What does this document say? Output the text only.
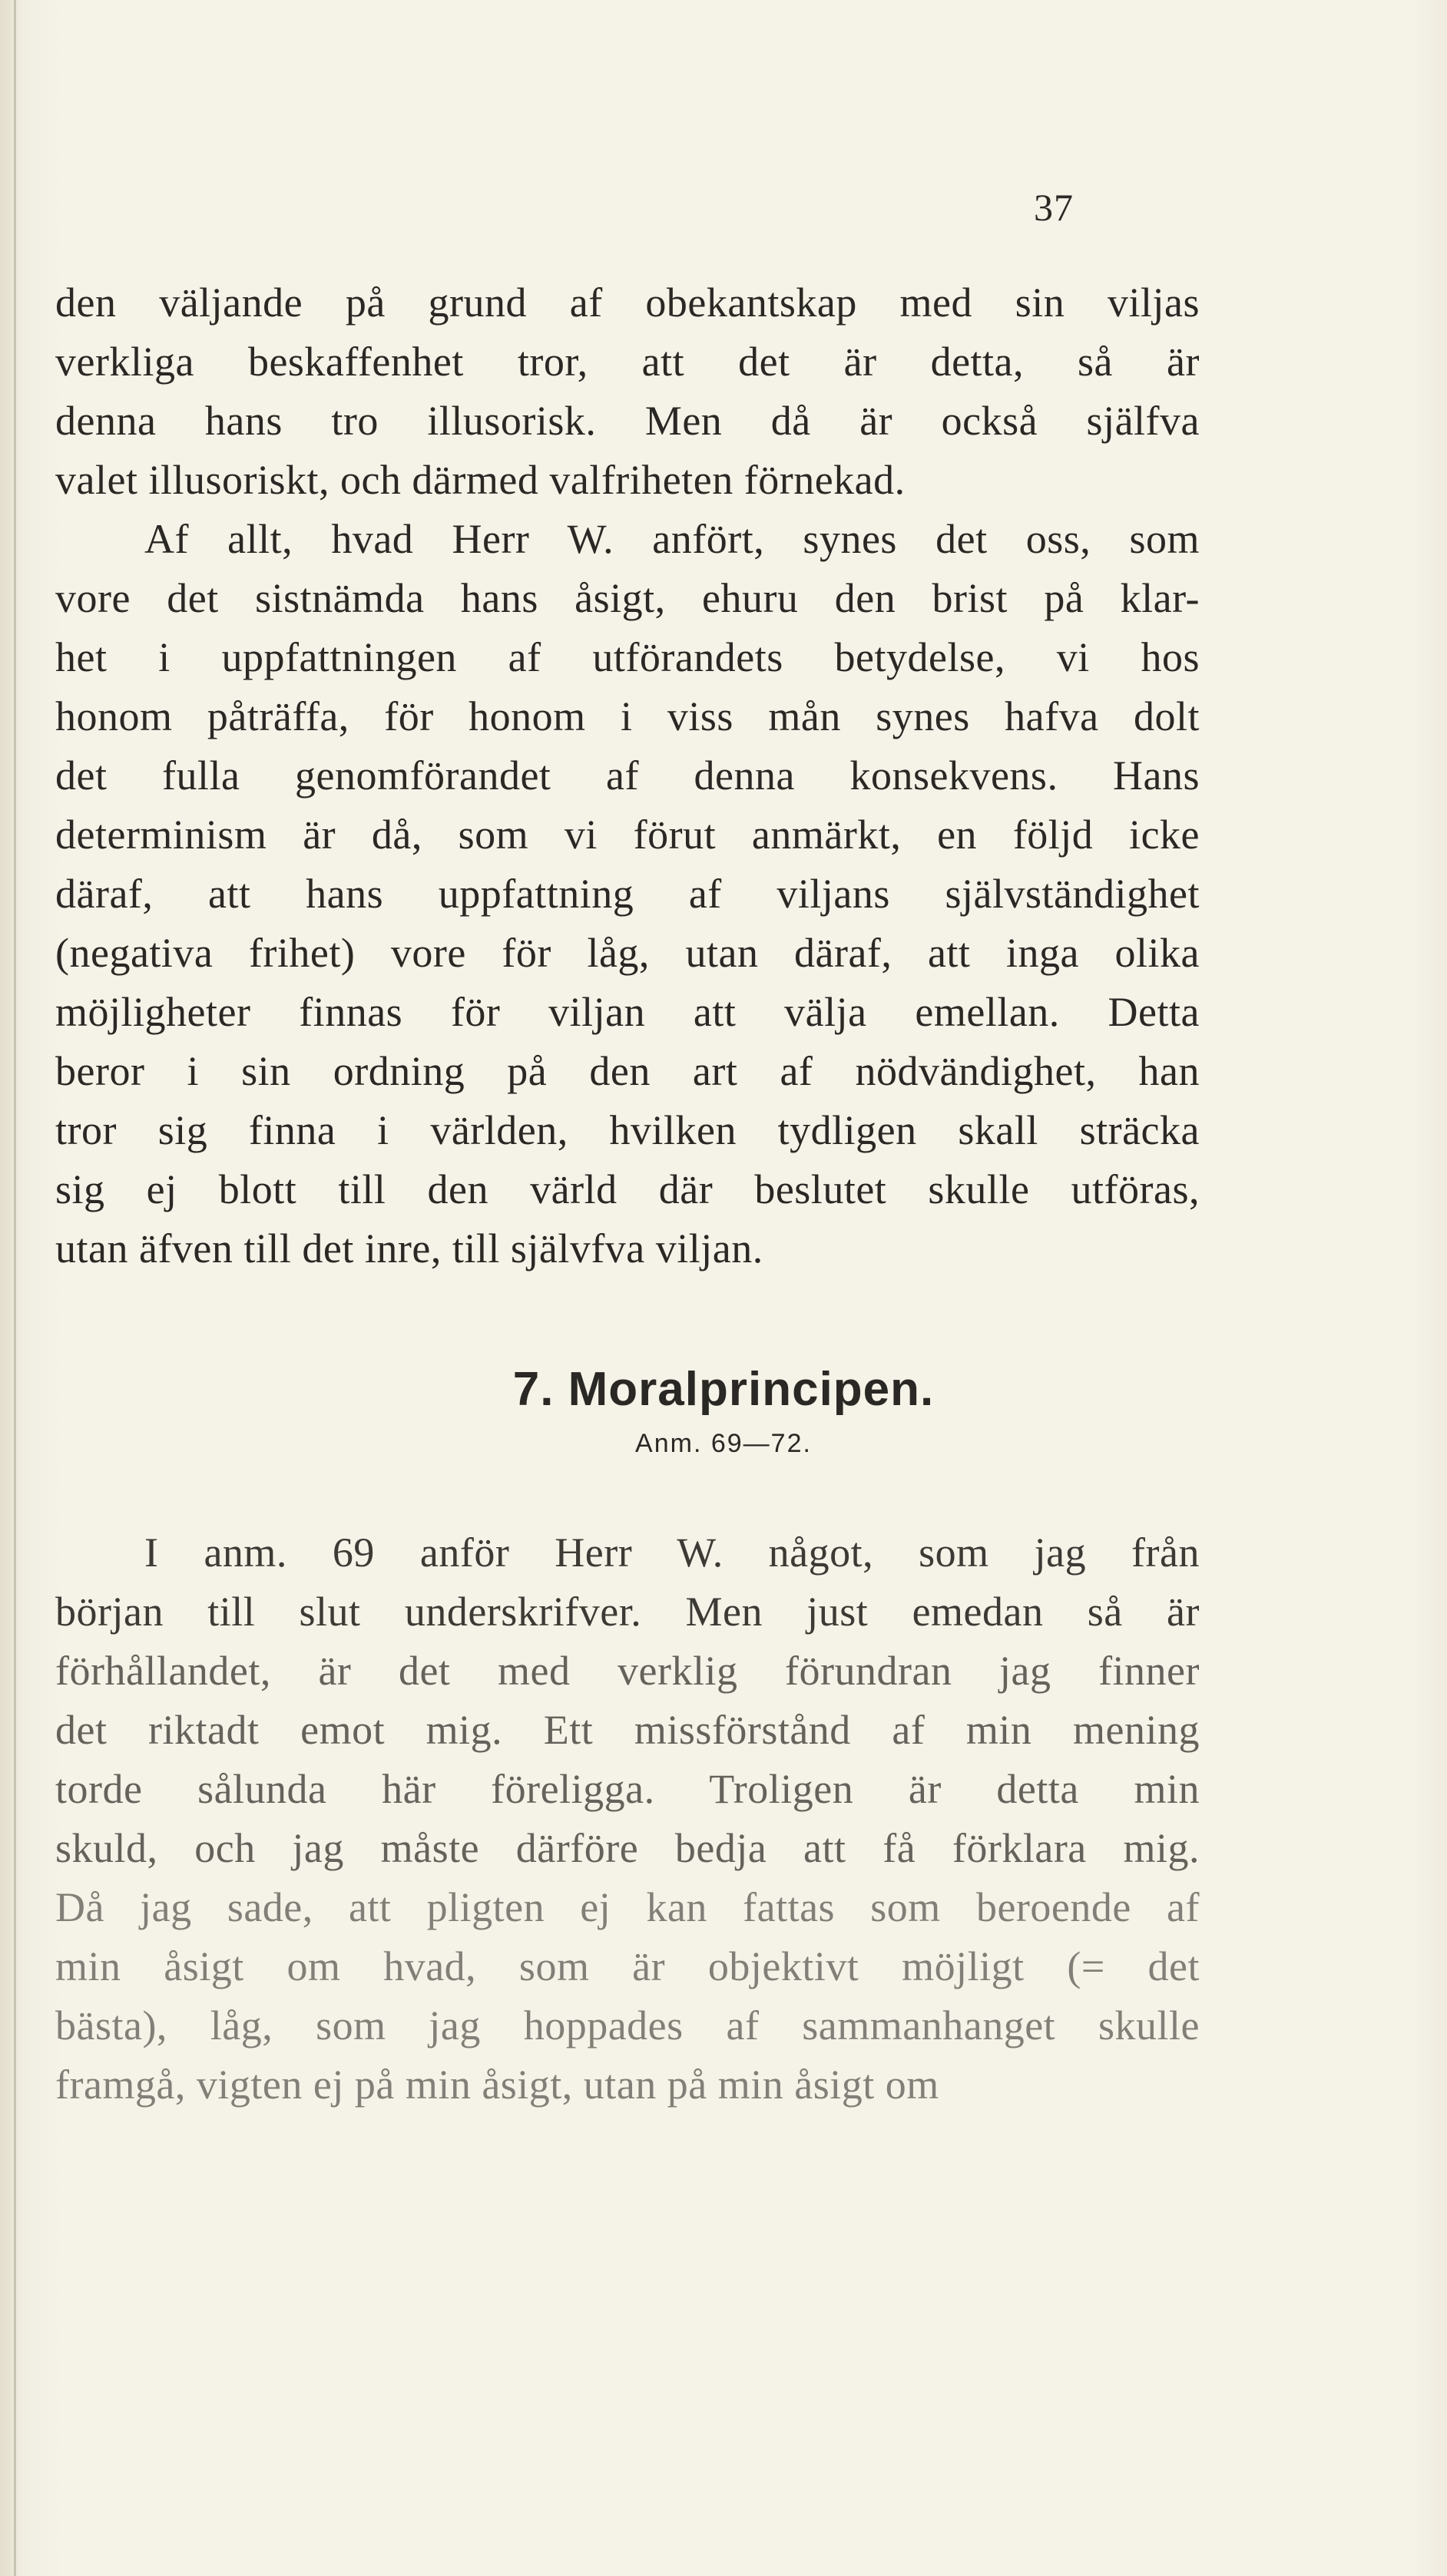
37
den väljande på grund af obekantskap med sin viljas
verkliga beskaffenhet tror, att det är detta, så är
denna hans tro illusorisk. Men då är också själfva
valet illusoriskt, och därmed valfriheten förnekad.
Af allt, hvad Herr W. anfört, synes det oss, som
vore det sistnämda hans åsigt, ehuru den brist på klar-
het i uppfattningen af utförandets betydelse, vi hos
honom påträffa, för honom i viss mån synes hafva dolt
det fulla genomförandet af denna konsekvens. Hans
determinism är då, som vi förut anmärkt, en följd icke
däraf, att hans uppfattning af viljans självständighet
(negativa frihet) vore för låg, utan däraf, att inga olika
möjligheter finnas för viljan att välja emellan. Detta
beror i sin ordning på den art af nödvändighet, han
tror sig finna i världen, hvilken tydligen skall sträcka
sig ej blott till den värld där beslutet skulle utföras,
utan äfven till det inre, till självfva viljan.
7. Moralprincipen.
Anm. 69—72.
I anm. 69 anför Herr W. något, som jag från
början till slut underskrifver. Men just emedan så är
förhållandet, är det med verklig förundran jag finner
det riktadt emot mig. Ett missförstånd af min mening
torde sålunda här föreligga. Troligen är detta min
skuld, och jag måste därföre bedja att få förklara mig.
Då jag sade, att pligten ej kan fattas som beroende af
min åsigt om hvad, som är objektivt möjligt (= det
bästa), låg, som jag hoppades af sammanhanget skulle
framgå, vigten ej på min åsigt, utan på min åsigt om
